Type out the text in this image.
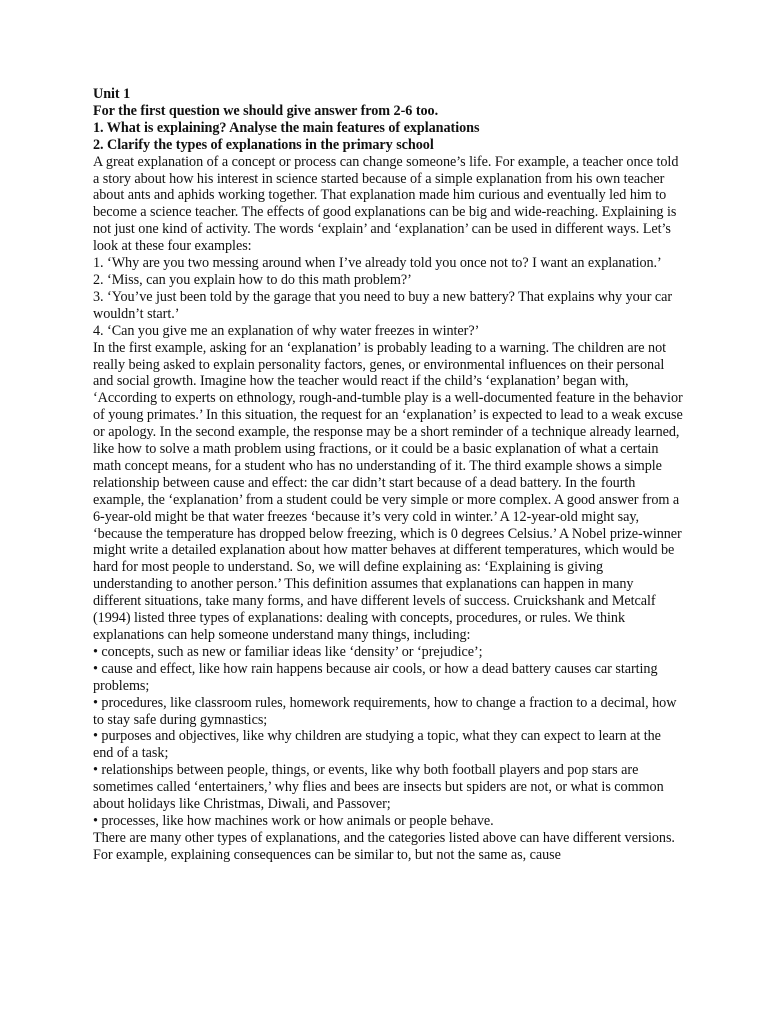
Unit 1

For the first question we should give answer from 2-6 too.

1. What is explaining? Analyse the main features of explanations

2. Clarify the types of explanations in the primary school

A great explanation of a concept or process can change someone’s life. For example, a teacher once told a story about how his interest in science started because of a simple explanation from his own teacher about ants and aphids working together. That explanation made him curious and eventually led him to become a science teacher. The effects of good explanations can be big and wide-reaching. Explaining is not just one kind of activity. The words ‘explain’ and ‘explanation’ can be used in different ways. Let’s look at these four examples:

1. ‘Why are you two messing around when I’ve already told you once not to? I want an explanation.’

2. ‘Miss, can you explain how to do this math problem?’

3. ‘You’ve just been told by the garage that you need to buy a new battery? That explains why your car wouldn’t start.’

4. ‘Can you give me an explanation of why water freezes in winter?’

In the first example, asking for an ‘explanation’ is probably leading to a warning. The children are not really being asked to explain personality factors, genes, or environmental influences on their personal and social growth. Imagine how the teacher would react if the child’s ‘explanation’ began with, ‘According to experts on ethnology, rough-and-tumble play is a well-documented feature in the behavior of young primates.’ In this situation, the request for an ‘explanation’ is expected to lead to a weak excuse or apology. In the second example, the response may be a short reminder of a technique already learned, like how to solve a math problem using fractions, or it could be a basic explanation of what a certain math concept means, for a student who has no understanding of it. The third example shows a simple relationship between cause and effect: the car didn’t start because of a dead battery. In the fourth example, the ‘explanation’ from a student could be very simple or more complex. A good answer from a 6-year-old might be that water freezes ‘because it’s very cold in winter.’ A 12-year-old might say, ‘because the temperature has dropped below freezing, which is 0 degrees Celsius.’ A Nobel prize-winner might write a detailed explanation about how matter behaves at different temperatures, which would be hard for most people to understand. So, we will define explaining as: ‘Explaining is giving understanding to another person.’ This definition assumes that explanations can happen in many different situations, take many forms, and have different levels of success. Cruickshank and Metcalf (1994) listed three types of explanations: dealing with concepts, procedures, or rules. We think explanations can help someone understand many things, including:

• concepts, such as new or familiar ideas like ‘density’ or ‘prejudice’;

• cause and effect, like how rain happens because air cools, or how a dead battery causes car starting problems;

• procedures, like classroom rules, homework requirements, how to change a fraction to a decimal, how to stay safe during gymnastics;

• purposes and objectives, like why children are studying a topic, what they can expect to learn at the end of a task;

• relationships between people, things, or events, like why both football players and pop stars are sometimes called ‘entertainers,’ why flies and bees are insects but spiders are not, or what is common about holidays like Christmas, Diwali, and Passover;

• processes, like how machines work or how animals or people behave.

There are many other types of explanations, and the categories listed above can have different versions. For example, explaining consequences can be similar to, but not the same as, cause
